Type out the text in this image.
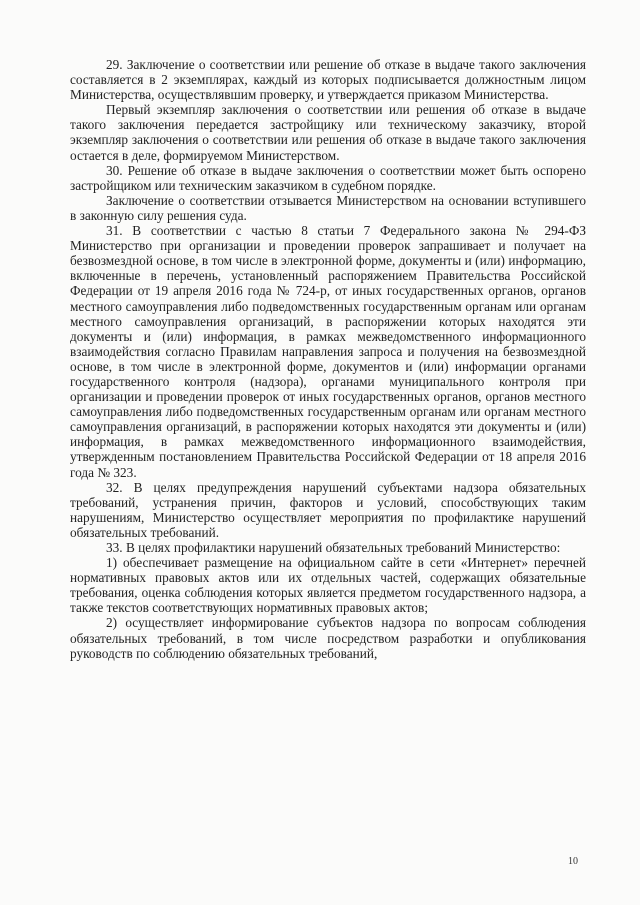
29. Заключение о соответствии или решение об отказе в выдаче такого заключения составляется в 2 экземплярах, каждый из которых подписывается должностным лицом Министерства, осуществлявшим проверку, и утверждается приказом Министерства.

Первый экземпляр заключения о соответствии или решения об отказе в выдаче такого заключения передается застройщику или техническому заказчику, второй экземпляр заключения о соответствии или решения об отказе в выдаче такого заключения остается в деле, формируемом Министерством.

30. Решение об отказе в выдаче заключения о соответствии может быть оспорено застройщиком или техническим заказчиком в судебном порядке.

Заключение о соответствии отзывается Министерством на основании вступившего в законную силу решения суда.

31. В соответствии с частью 8 статьи 7 Федерального закона № 294-ФЗ Министерство при организации и проведении проверок запрашивает и получает на безвозмездной основе, в том числе в электронной форме, документы и (или) информацию, включенные в перечень, установленный распоряжением Правительства Российской Федерации от 19 апреля 2016 года № 724-р, от иных государственных органов, органов местного самоуправления либо подведомственных государственным органам или органам местного самоуправления организаций, в распоряжении которых находятся эти документы и (или) информация, в рамках межведомственного информационного взаимодействия согласно Правилам направления запроса и получения на безвозмездной основе, в том числе в электронной форме, документов и (или) информации органами государственного контроля (надзора), органами муниципального контроля при организации и проведении проверок от иных государственных органов, органов местного самоуправления либо подведомственных государственным органам или органам местного самоуправления организаций, в распоряжении которых находятся эти документы и (или) информация, в рамках межведомственного информационного взаимодействия, утвержденным постановлением Правительства Российской Федерации от 18 апреля 2016 года № 323.

32. В целях предупреждения нарушений субъектами надзора обязательных требований, устранения причин, факторов и условий, способствующих таким нарушениям, Министерство осуществляет мероприятия по профилактике нарушений обязательных требований.

33. В целях профилактики нарушений обязательных требований Министерство:

1) обеспечивает размещение на официальном сайте в сети «Интернет» перечней нормативных правовых актов или их отдельных частей, содержащих обязательные требования, оценка соблюдения которых является предметом государственного надзора, а также текстов соответствующих нормативных правовых актов;

2) осуществляет информирование субъектов надзора по вопросам соблюдения обязательных требований, в том числе посредством разработки и опубликования руководств по соблюдению обязательных требований,

10
